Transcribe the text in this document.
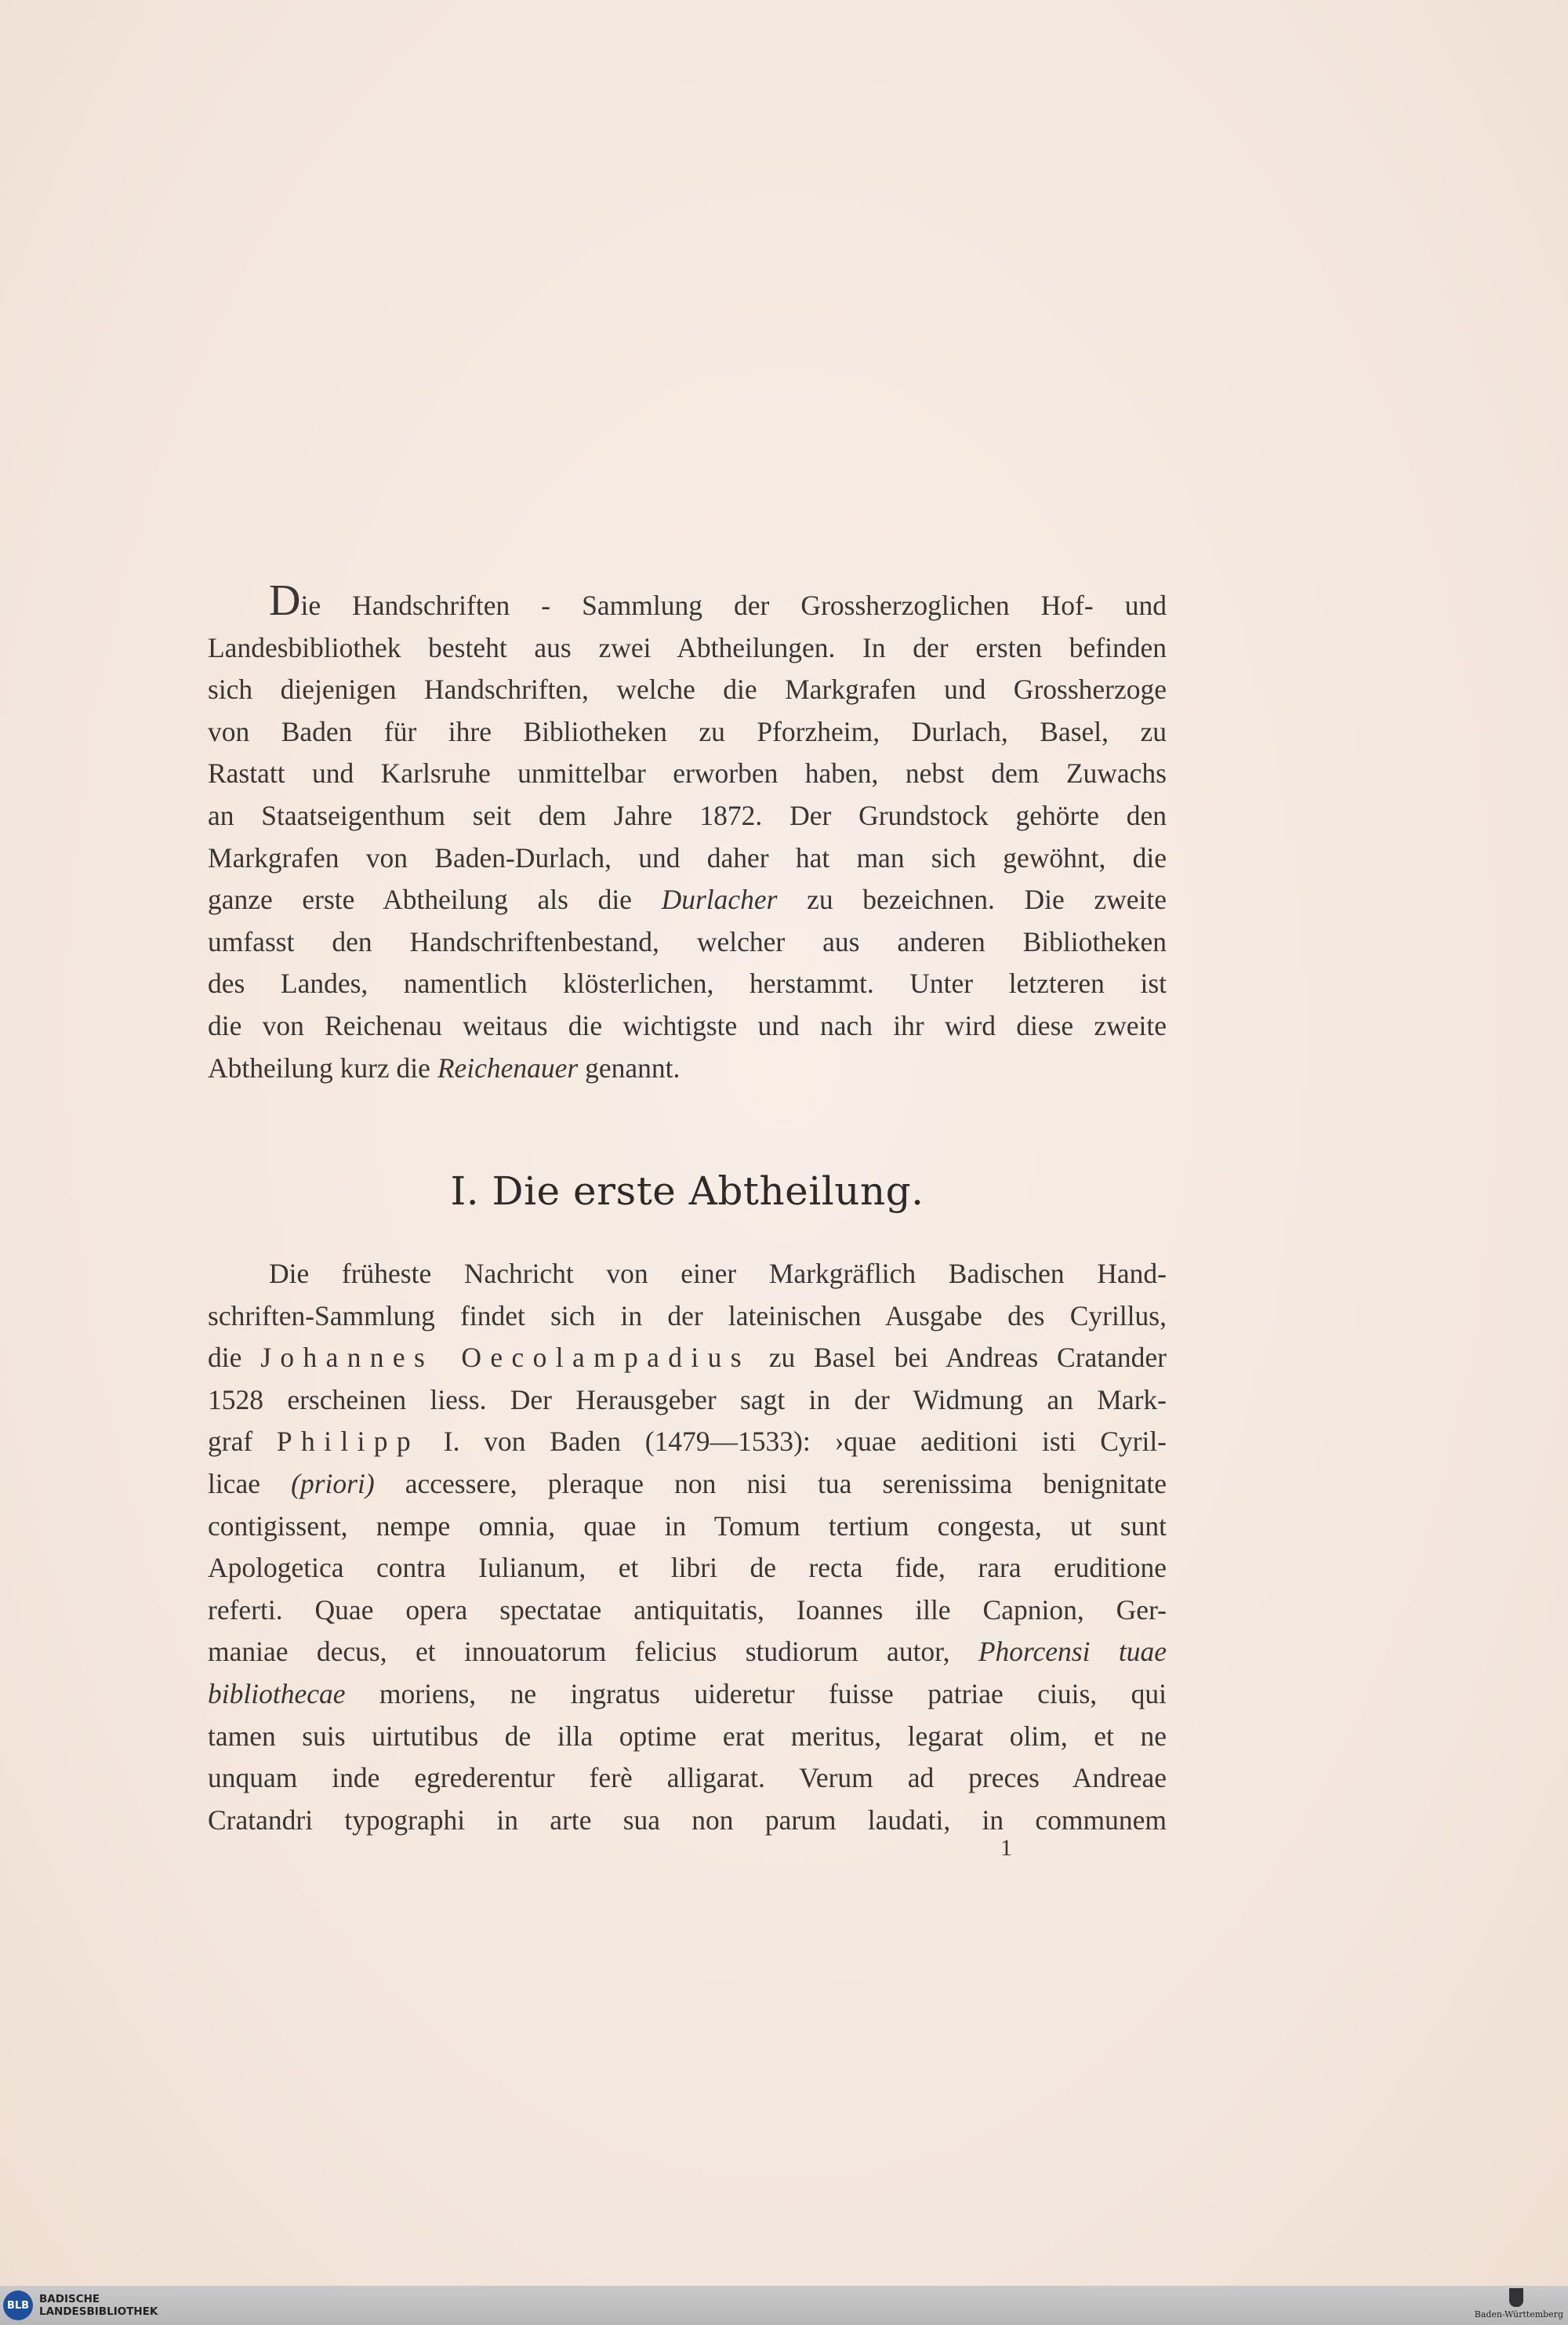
Die Handschriften - Sammlung der Grossherzoglichen Hof- und
Landesbibliothek besteht aus zwei Abtheilungen. In der ersten befinden
sich diejenigen Handschriften, welche die Markgrafen und Grossherzoge
von Baden für ihre Bibliotheken zu Pforzheim, Durlach, Basel, zu
Rastatt und Karlsruhe unmittelbar erworben haben, nebst dem Zuwachs
an Staatseigenthum seit dem Jahre 1872. Der Grundstock gehörte den
Markgrafen von Baden-Durlach, und daher hat man sich gewöhnt, die
ganze erste Abtheilung als die Durlacher zu bezeichnen. Die zweite
umfasst den Handschriftenbestand, welcher aus anderen Bibliotheken
des Landes, namentlich klösterlichen, herstammt. Unter letzteren ist
die von Reichenau weitaus die wichtigste und nach ihr wird diese zweite
Abtheilung kurz die Reichenauer genannt.
I. Die erste Abtheilung.
Die früheste Nachricht von einer Markgräflich Badischen Hand-
schriften-Sammlung findet sich in der lateinischen Ausgabe des Cyrillus,
die Johannes Oecolampadius zu Basel bei Andreas Cratander
1528 erscheinen liess. Der Herausgeber sagt in der Widmung an Mark-
graf Philipp I. von Baden (1479—1533): ›quae aeditioni isti Cyril-
licae (priori) accessere, pleraque non nisi tua serenissima benignitate
contigissent, nempe omnia, quae in Tomum tertium congesta, ut sunt
Apologetica contra Iulianum, et libri de recta fide, rara eruditione
referti. Quae opera spectatae antiquitatis, Ioannes ille Capnion, Ger-
maniae decus, et innouatorum felicius studiorum autor, Phorcensi tuae
bibliothecae moriens, ne ingratus uideretur fuisse patriae ciuis, qui
tamen suis uirtutibus de illa optime erat meritus, legarat olim, et ne
unquam inde egrederentur ferè alligarat. Verum ad preces Andreae
Cratandri typographi in arte sua non parum laudati, in communem
1
BLB BADISCHE
LANDESBIBLIOTHEK	Baden-Württemberg
